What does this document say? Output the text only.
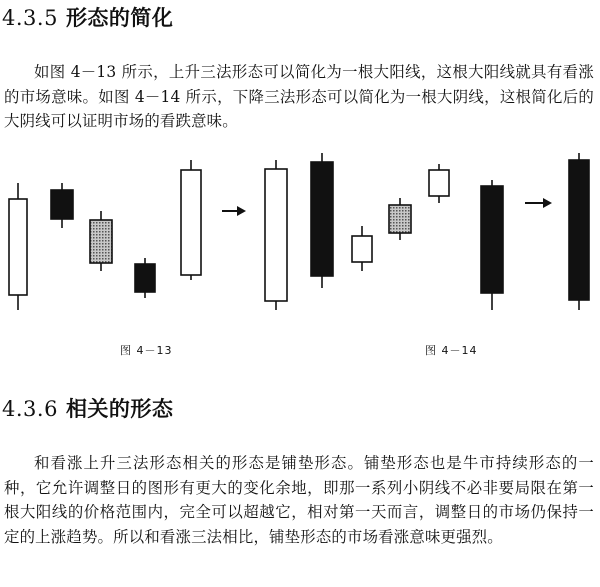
4.3.5 形态的简化
如图 4－13 所示，上升三法形态可以简化为一根大阳线，这根大阳线就具有看涨的市场意味。如图 4－14 所示，下降三法形态可以简化为一根大阴线，这根简化后的大阴线可以证明市场的看跌意味。
图 4－13	图 4－14
4.3.6 相关的形态
和看涨上升三法形态相关的形态是铺垫形态。铺垫形态也是牛市持续形态的一种，它允许调整日的图形有更大的变化余地，即那一系列小阴线不必非要局限在第一根大阳线的价格范围内，完全可以超越它，相对第一天而言，调整日的市场仍保持一定的上涨趋势。所以和看涨三法相比，铺垫形态的市场看涨意味更强烈。
